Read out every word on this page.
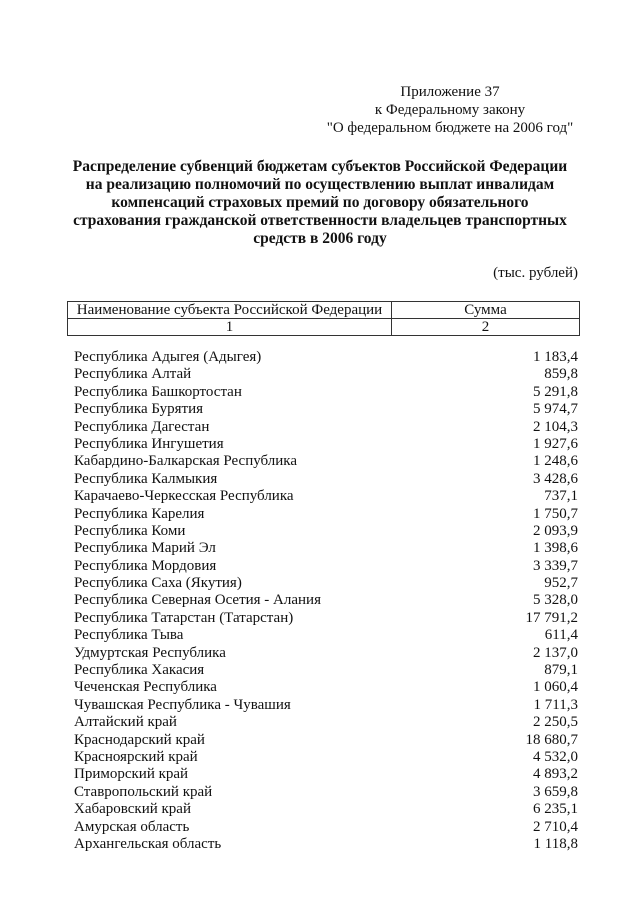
Приложение 37
к Федеральному закону
"О федеральном бюджете на 2006 год"
Распределение субвенций бюджетам субъектов Российской Федерации
на реализацию полномочий по осуществлению выплат инвалидам
компенсаций страховых премий по договору обязательного
страхования гражданской ответственности владельцев транспортных
средств в 2006 году
(тыс. рублей)
Наименование субъекта Российской Федерации	Сумма
1	2
Республика Адыгея (Адыгея)	1 183,4
Республика Алтай	859,8
Республика Башкортостан	5 291,8
Республика Бурятия	5 974,7
Республика Дагестан	2 104,3
Республика Ингушетия	1 927,6
Кабардино-Балкарская Республика	1 248,6
Республика Калмыкия	3 428,6
Карачаево-Черкесская Республика	737,1
Республика Карелия	1 750,7
Республика Коми	2 093,9
Республика Марий Эл	1 398,6
Республика Мордовия	3 339,7
Республика Саха (Якутия)	952,7
Республика Северная Осетия - Алания	5 328,0
Республика Татарстан (Татарстан)	17 791,2
Республика Тыва	611,4
Удмуртская Республика	2 137,0
Республика Хакасия	879,1
Чеченская Республика	1 060,4
Чувашская Республика - Чувашия	1 711,3
Алтайский край	2 250,5
Краснодарский край	18 680,7
Красноярский край	4 532,0
Приморский край	4 893,2
Ставропольский край	3 659,8
Хабаровский край	6 235,1
Амурская область	2 710,4
Архангельская область	1 118,8
